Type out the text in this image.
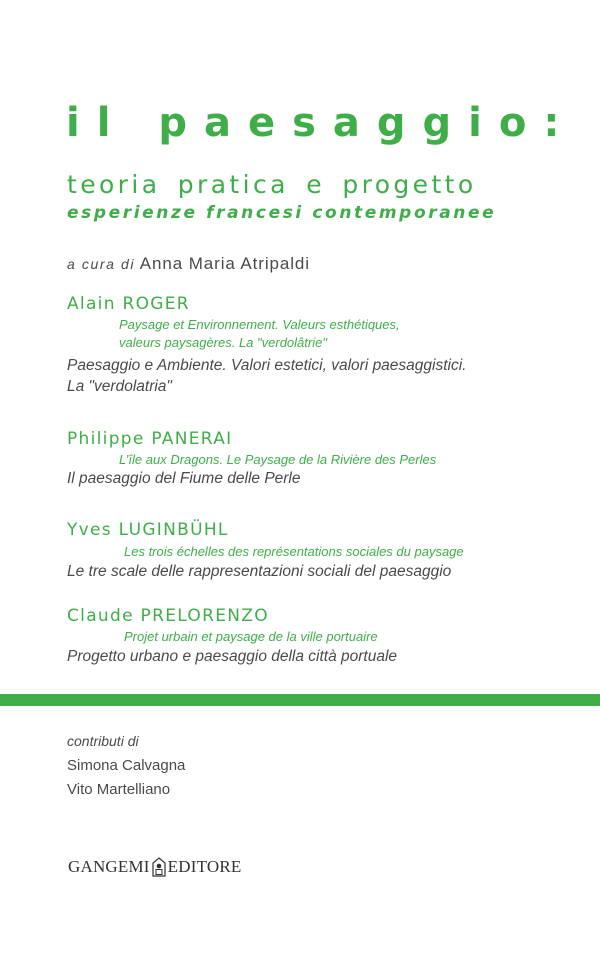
il paesaggio:
teoria pratica e progetto
esperienze francesi contemporanee
a cura di Anna Maria Atripaldi
Alain ROGER
Paysage et Environnement. Valeurs esthétiques,
valeurs paysagères. La "verdolâtrie"
Paesaggio e Ambiente. Valori estetici, valori paesaggistici.
La "verdolatria"
Philippe PANERAI
L’île aux Dragons. Le Paysage de la Rivière des Perles
Il paesaggio del Fiume delle Perle
Yves LUGINBÜHL
Les trois échelles des représentations sociales du paysage
Le tre scale delle rappresentazioni sociali del paesaggio
Claude PRELORENZO
Projet urbain et paysage de la ville portuaire
Progetto urbano e paesaggio della città portuale
contributi di
Simona Calvagna
Vito Martelliano
GANGEMI EDITORE
